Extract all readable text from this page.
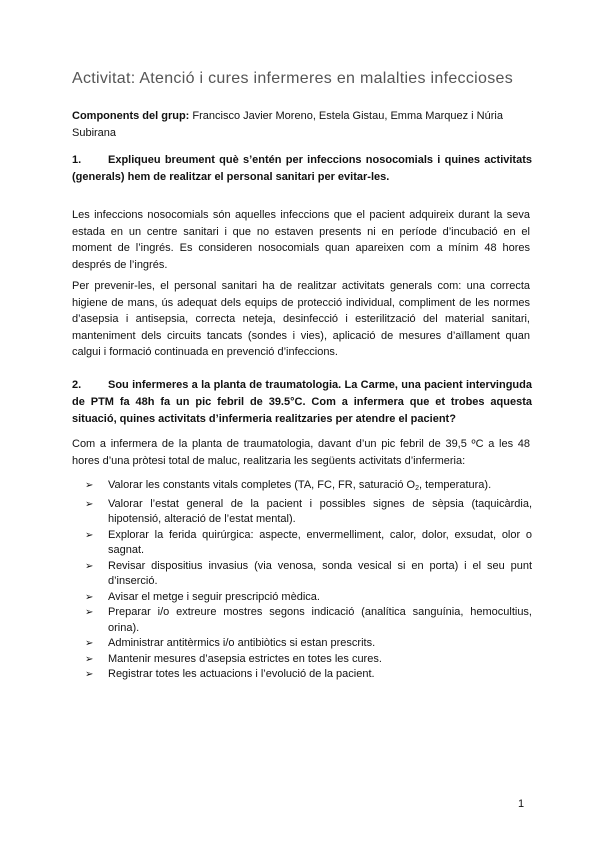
Activitat: Atenció i cures infermeres en malalties infeccioses
Components del grup: Francisco Javier Moreno, Estela Gistau, Emma Marquez i Núria Subirana
1. Expliqueu breument què s’entén per infeccions nosocomials i quines activitats (generals) hem de realitzar el personal sanitari per evitar-les.
Les infeccions nosocomials són aquelles infeccions que el pacient adquireix durant la seva estada en un centre sanitari i que no estaven presents ni en període d’incubació en el moment de l’ingrés. Es consideren nosocomials quan apareixen com a mínim 48 hores després de l’ingrés.
Per prevenir-les, el personal sanitari ha de realitzar activitats generals com: una correcta higiene de mans, ús adequat dels equips de protecció individual, compliment de les normes d’asepsia i antisepsia, correcta neteja, desinfecció i esterilització del material sanitari, manteniment dels circuits tancats (sondes i vies), aplicació de mesures d’aïllament quan calgui i formació continuada en prevenció d’infeccions.
2. Sou infermeres a la planta de traumatologia. La Carme, una pacient intervinguda de PTM fa 48h fa un pic febril de 39.5°C. Com a infermera que et trobes aquesta situació, quines activitats d’infermeria realitzaries per atendre el pacient?
Com a infermera de la planta de traumatologia, davant d’un pic febril de 39,5 ºC a les 48 hores d’una pròtesi total de maluc, realitzaria les següents activitats d’infermeria:
➢ Valorar les constants vitals completes (TA, FC, FR, saturació $O_2$, temperatura).
➢ Valorar l’estat general de la pacient i possibles signes de sèpsia (taquicàrdia, hipotensió, alteració de l’estat mental).
➢ Explorar la ferida quirúrgica: aspecte, envermelliment, calor, dolor, exsudat, olor o sagnat.
➢ Revisar dispositius invasius (via venosa, sonda vesical si en porta) i el seu punt d’inserció.
➢ Avisar el metge i seguir prescripció mèdica.
➢ Preparar i/o extreure mostres segons indicació (analítica sanguínia, hemocultius, orina).
➢ Administrar antitèrmics i/o antibiòtics si estan prescrits.
➢ Mantenir mesures d’asepsia estrictes en totes les cures.
➢ Registrar totes les actuacions i l’evolució de la pacient.
1
